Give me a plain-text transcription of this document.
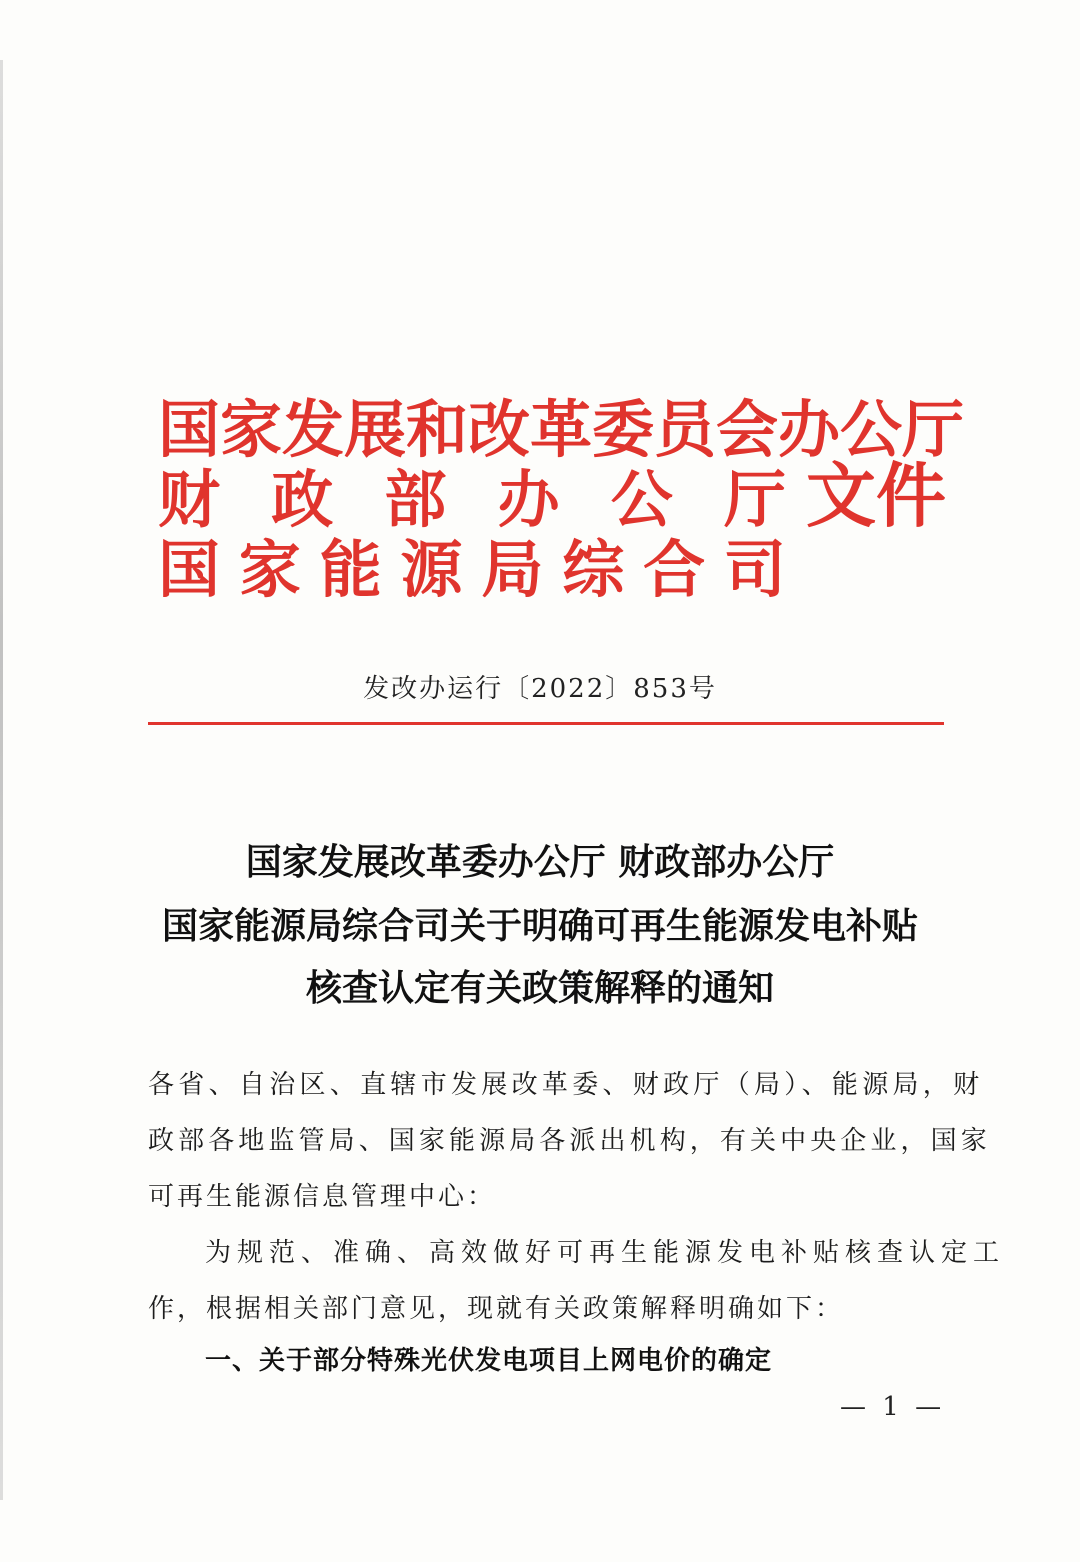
国家发展和改革委员会办公厅
财 政 部 办 公 厅
国 家 能 源 局 综 合 司
文件
发改办运行〔2022〕853号
国家发展改革委办公厅 财政部办公厅
国家能源局综合司关于明确可再生能源发电补贴
核查认定有关政策解释的通知
各省、自治区、直辖市发展改革委、财政厅（局）、能源局，财
政部各地监管局、国家能源局各派出机构，有关中央企业，国家
可再生能源信息管理中心：
为规范、准确、高效做好可再生能源发电补贴核查认定工
作，根据相关部门意见，现就有关政策解释明确如下：
一、关于部分特殊光伏发电项目上网电价的确定
— 1 —
